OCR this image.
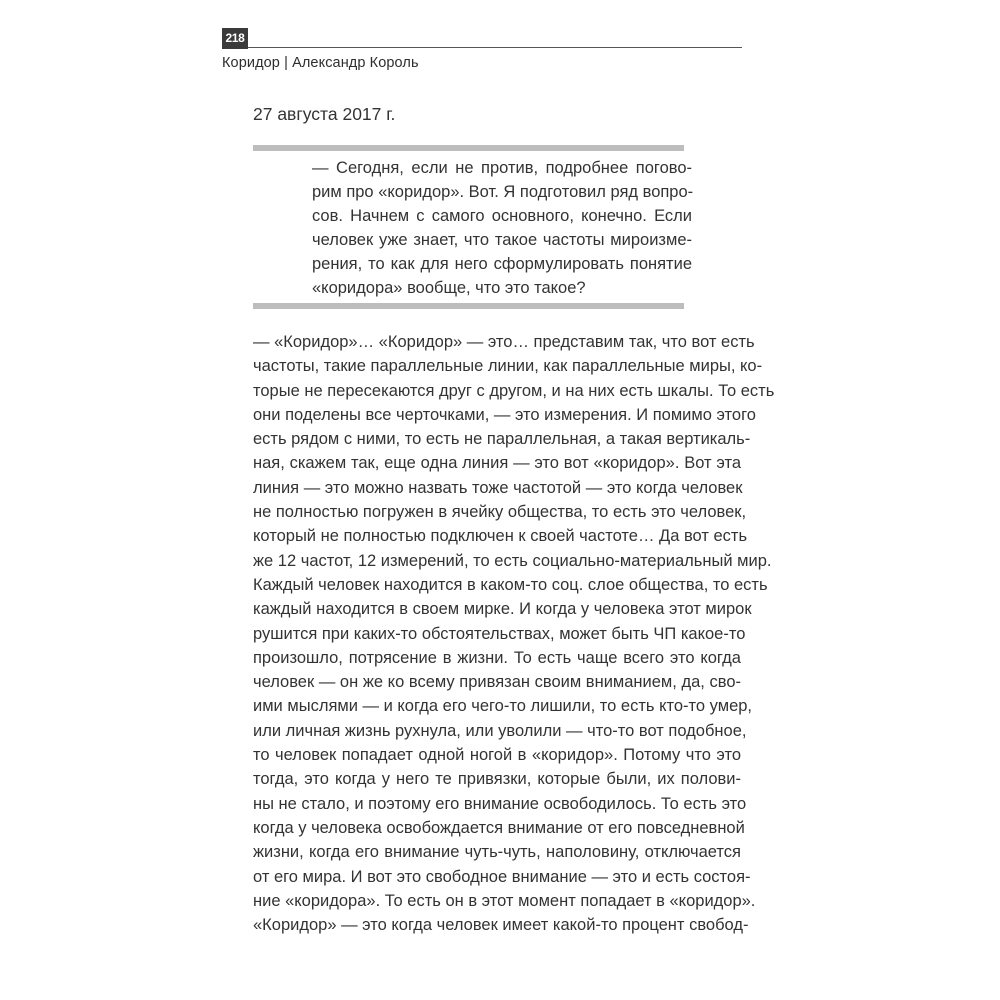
218
Коридор | Александр Король
27 августа 2017 г.
— Сегодня, если не против, подробнее погово-
рим про «коридор». Вот. Я подготовил ряд вопро-
сов. Начнем с самого основного, конечно. Если
человек уже знает, что такое частоты мироизме-
рения, то как для него сформулировать понятие
«коридора» вообще, что это такое?
— «Коридор»… «Коридор» — это… представим так, что вот есть
частоты, такие параллельные линии, как параллельные миры, ко-
торые не пересекаются друг с другом, и на них есть шкалы. То есть
они поделены все черточками, — это измерения. И помимо этого
есть рядом с ними, то есть не параллельная, а такая вертикаль-
ная, скажем так, еще одна линия — это вот «коридор». Вот эта
линия — это можно назвать тоже частотой — это когда человек
не полностью погружен в ячейку общества, то есть это человек,
который не полностью подключен к своей частоте… Да вот есть
же 12 частот, 12 измерений, то есть социально-материальный мир.
Каждый человек находится в каком-то соц. слое общества, то есть
каждый находится в своем мирке. И когда у человека этот мирок
рушится при каких-то обстоятельствах, может быть ЧП какое-то
произошло, потрясение в жизни. То есть чаще всего это когда
человек — он же ко всему привязан своим вниманием, да, сво-
ими мыслями — и когда его чего-то лишили, то есть кто-то умер,
или личная жизнь рухнула, или уволили — что-то вот подобное,
то человек попадает одной ногой в «коридор». Потому что это
тогда, это когда у него те привязки, которые были, их полови-
ны не стало, и поэтому его внимание освободилось. То есть это
когда у человека освобождается внимание от его повседневной
жизни, когда его внимание чуть-чуть, наполовину, отключается
от его мира. И вот это свободное внимание — это и есть состоя-
ние «коридора». То есть он в этот момент попадает в «коридор».
«Коридор» — это когда человек имеет какой-то процент свобод-
